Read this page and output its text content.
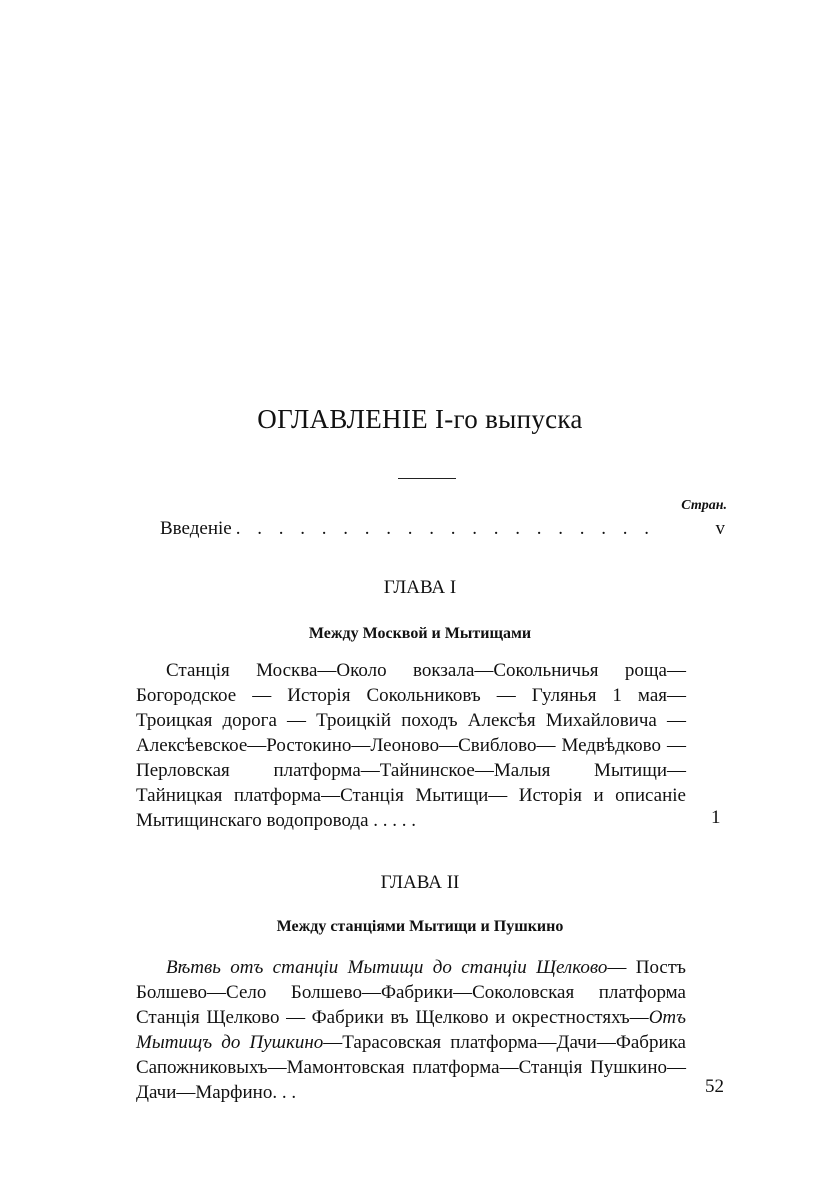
ОГЛАВЛЕНIЕ I-го выпуска
Стран.
Введенiе . . . . . . . . . . . . . . . . . . . .	v
ГЛАВА I
Между Москвой и Мытищами
Станцiя Москва—Около вокзала—Сокольничья роща— Богородское — Исторiя Сокольниковъ — Гулянья 1 мая— Троицкая дорога — Троицкiй походъ Алексѣя Михайловича — Алексѣевское—Ростокино—Леоново—Свиблово— Медвѣдково — Перловская платформа—Тайнинское—Малыя Мытищи—Тайницкая платформа—Станцiя Мытищи— Исторiя и описанiе Мытищинскаго водопровода . . . . .	1
ГЛАВА II
Между станцiями Мытищи и Пушкино
Вѣтвь отъ станцiи Мытищи до станцiи Щелково— Постъ Болшево—Село Болшево—Фабрики—Соколовская платформа Станцiя Щелково — Фабрики въ Щелково и окрестностяхъ—Отъ Мытищъ до Пушкино—Тарасовская платформа—Дачи—Фабрика Сапожниковыхъ—Мамонтовская платформа—Станцiя Пушкино—Дачи—Марфино. . .	52
